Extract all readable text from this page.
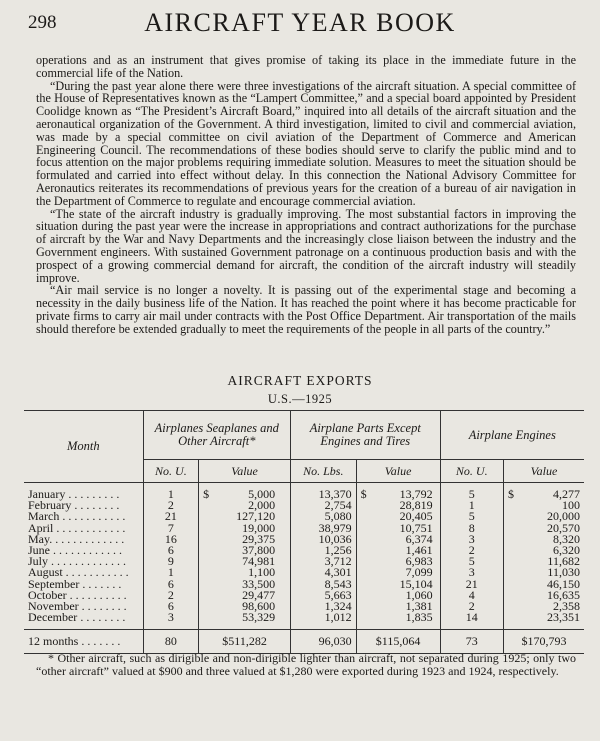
298	AIRCRAFT YEAR BOOK

operations and as an instrument that gives promise of taking its place in the immediate future in the commercial life of the Nation.

“During the past year alone there were three investigations of the aircraft situation. A special committee of the House of Representatives known as the “Lampert Committee,” and a special board appointed by President Coolidge known as “The President’s Aircraft Board,” inquired into all details of the aircraft situation and the aeronautical organization of the Government. A third investigation, limited to civil and commercial aviation, was made by a special committee on civil aviation of the Department of Commerce and American Engineering Council. The recommendations of these bodies should serve to clarify the public mind and to focus attention on the major problems requiring immediate solution. Measures to meet the situation should be formulated and carried into effect without delay. In this connection the National Advisory Committee for Aeronautics reiterates its recommendations of previous years for the creation of a bureau of air navigation in the Department of Commerce to regulate and encourage commercial aviation.

“The state of the aircraft industry is gradually improving. The most substantial factors in improving the situation during the past year were the increase in appropriations and contract authorizations for the purchase of aircraft by the War and Navy Departments and the increasingly close liaison between the industry and the Government engineers. With sustained Government patronage on a continuous production basis and with the prospect of a growing commercial demand for aircraft, the condition of the aircraft industry will steadily improve.

“Air mail service is no longer a novelty. It is passing out of the experimental stage and becoming a necessity in the daily business life of the Nation. It has reached the point where it has become practicable for private firms to carry air mail under contracts with the Post Office Department. Air transportation of the mails should therefore be extended gradually to meet the requirements of the people in all parts of the country.”

AIRCRAFT EXPORTS
U.S.—1925
Month	Airplanes Seaplanes and Other Aircraft*		Airplane Parts Except Engines and Tires		Airplane Engines	
	No. U.	Value	No. Lbs.	Value	No. U.	Value
January . . . . . . . . .	1	$ 5,000	13,370	$ 13,792	5	$ 4,277
February . . . . . . . .	2	2,000	2,754	28,819	1	100
March . . . . . . . . . . .	21	127,120	5,080	20,405	5	20,000
April . . . . . . . . . . . .	7	19,000	38,979	10,751	8	20,570
May. . . . . . . . . . . . .	16	29,375	10,036	6,374	3	8,320
June . . . . . . . . . . . .	6	37,800	1,256	1,461	2	6,320
July . . . . . . . . . . . . .	9	74,981	3,712	6,983	5	11,682
August . . . . . . . . . . .	1	1,100	4,301	7,099	3	11,030
September . . . . . . .	6	33,500	8,543	15,104	21	46,150
October . . . . . . . . . .	2	29,477	5,663	1,060	4	16,635
November . . . . . . . .	6	98,600	1,324	1,381	2	2,358
December . . . . . . . .	3	53,329	1,012	1,835	14	23,351
12 months . . . . . . .	80	$511,282	96,030	$115,064	73	$170,793
* Other aircraft, such as dirigible and non-dirigible lighter than aircraft, not separated during 1925; only two “other aircraft” valued at $900 and three valued at $1,280 were exported during 1923 and 1924, respectively.
